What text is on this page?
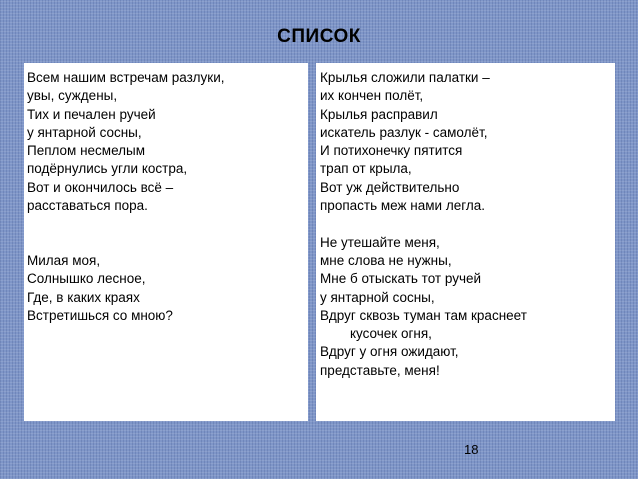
СПИСОК
Всем нашим встречам разлуки,
увы, суждены,
Тих и печален ручей
у янтарной сосны,
Пеплом несмелым
подёрнулись угли костра,
Вот и окончилось всё –
расставаться пора.
Милая моя,
Солнышко лесное,
Где, в каких краях
Встретишься со мною?
Крылья сложили палатки –
их кончен полёт,
Крылья расправил
искатель разлук - самолёт,
И потихонечку пятится
трап от крыла,
Вот уж действительно
пропасть меж нами легла.
Не утешайте меня,
мне слова не нужны,
Мне б отыскать тот ручей
у янтарной сосны,
Вдруг сквозь туман там краснеет
кусочек огня,
Вдруг у огня ожидают,
представьте, меня!
18
